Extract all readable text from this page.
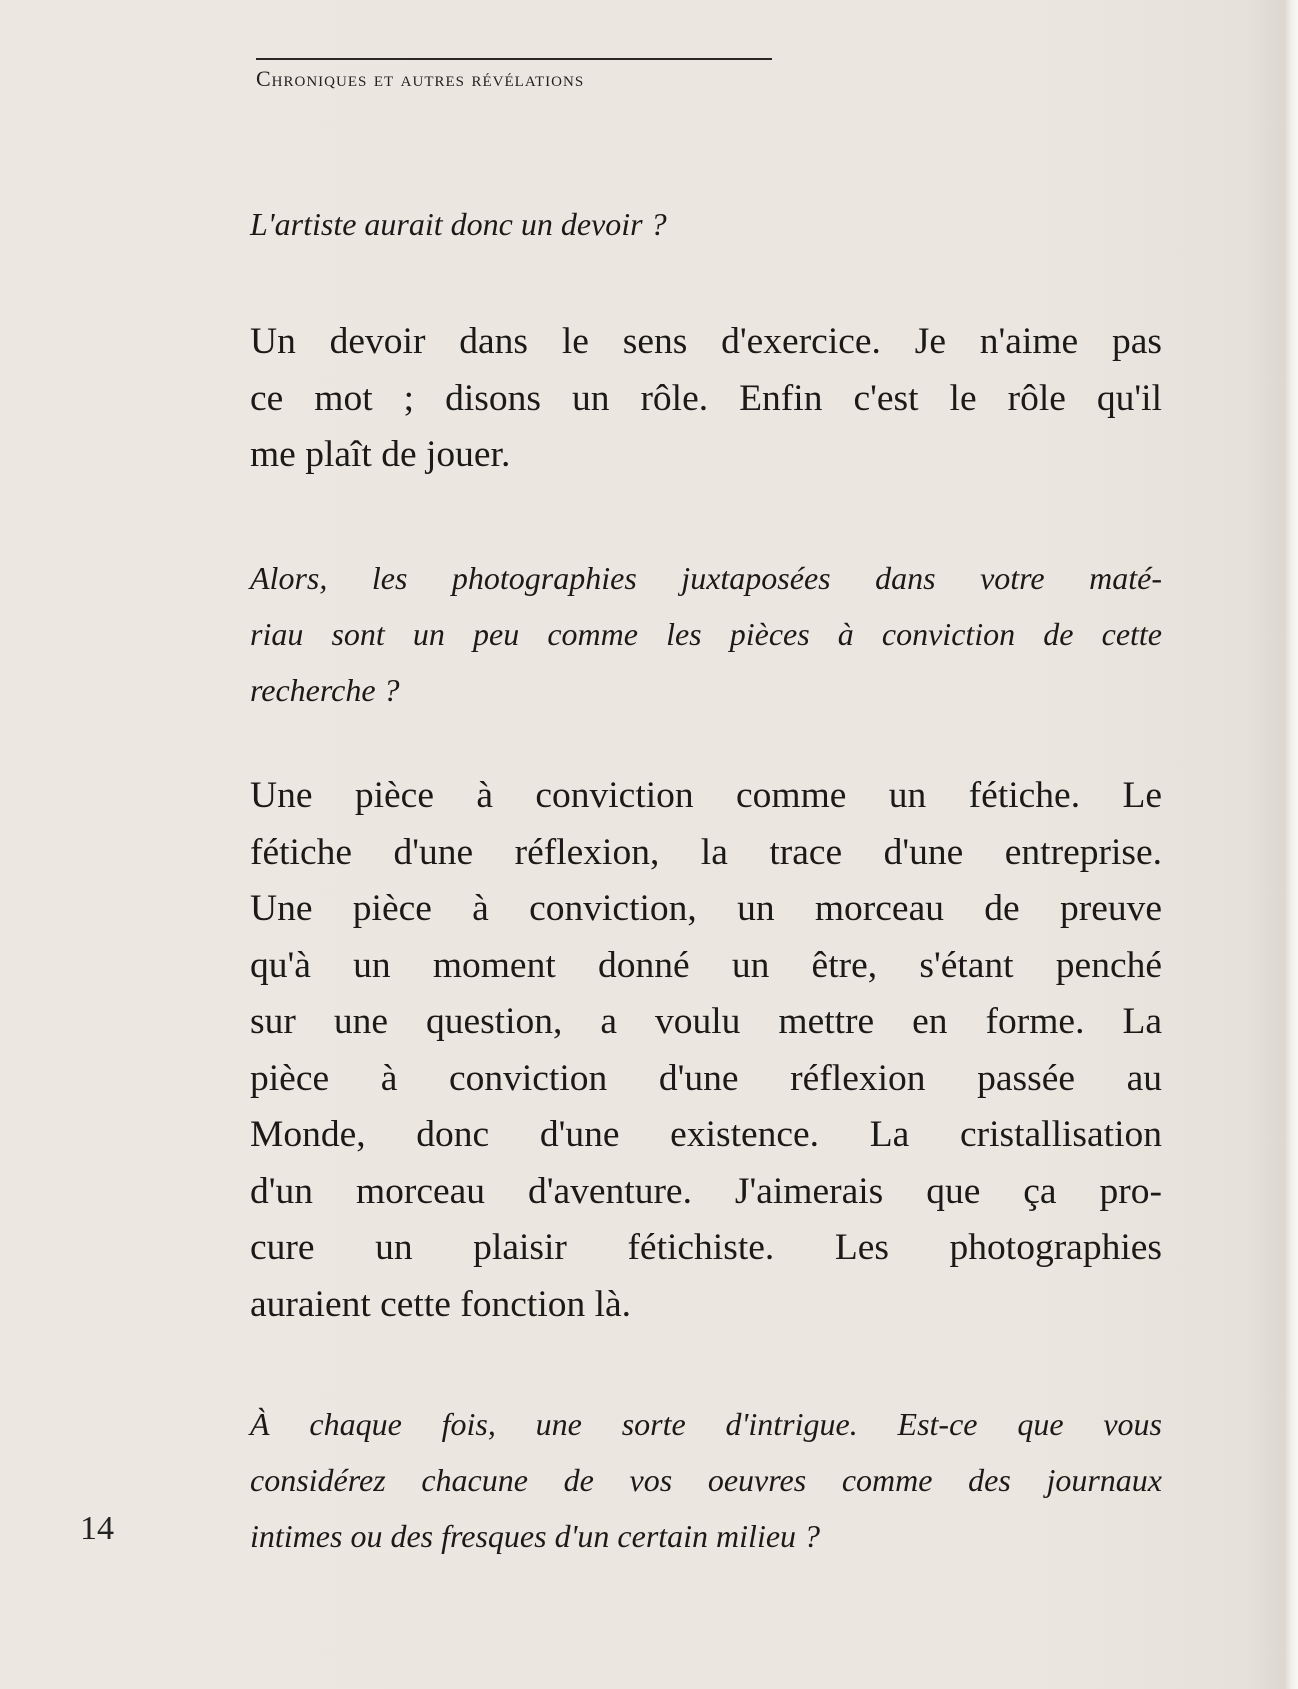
Chroniques et autres révélations
L'artiste aurait donc un devoir ?
Un devoir dans le sens d'exercice. Je n'aime pas
ce mot ; disons un rôle. Enfin c'est le rôle qu'il
me plaît de jouer.
Alors, les photographies juxtaposées dans votre maté-
riau sont un peu comme les pièces à conviction de cette
recherche ?
Une pièce à conviction comme un fétiche. Le
fétiche d'une réflexion, la trace d'une entreprise.
Une pièce à conviction, un morceau de preuve
qu'à un moment donné un être, s'étant penché
sur une question, a voulu mettre en forme. La
pièce à conviction d'une réflexion passée au
Monde, donc d'une existence. La cristallisation
d'un morceau d'aventure. J'aimerais que ça pro-
cure un plaisir fétichiste. Les photographies
auraient cette fonction là.
À chaque fois, une sorte d'intrigue. Est-ce que vous
considérez chacune de vos oeuvres comme des journaux
intimes ou des fresques d'un certain milieu ?
14
